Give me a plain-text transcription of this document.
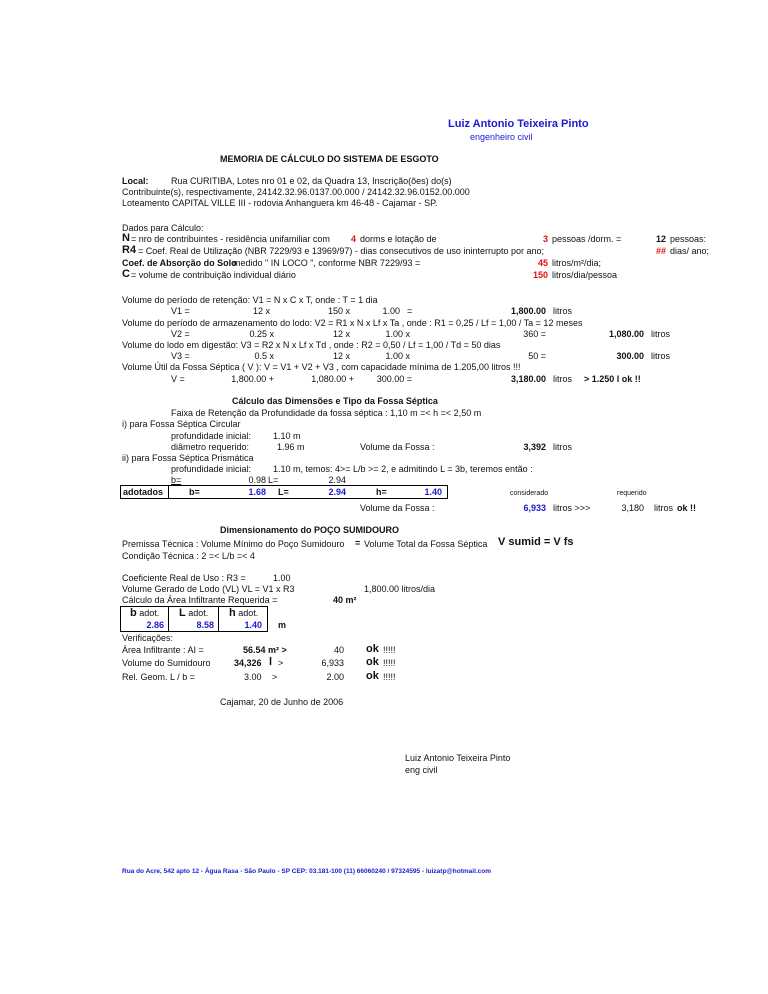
Luiz Antonio Teixeira Pinto
engenheiro civil
MEMORIA DE CÁLCULO DO SISTEMA DE ESGOTO
Local: Rua CURITIBA, Lotes nro 01 e 02, da Quadra 13, Inscrição(ões) do(s)
Contribuinte(s), respectivamente, 24142.32.96.0137.00.000 / 24142.32.96.0152.00.000
Loteamento CAPITAL VILLE III - rodovia Anhanguera km 46-48 - Cajamar - SP.
Dados para Cálculo:
N = nro de contribuintes - residência unifamiliar com	4 dorms e lotação de	3 pessoas /dorm. =	12 pessoas:
R4 = Coef. Real de Utilização (NBR 7229/93 e 13969/97) - dias consecutivos de uso ininterrupto por ano;	## dias/ ano;
Coef. de Absorção do Solo
medido " IN LOCO ", conforme NBR 7229/93 =	45 litros/m²/dia;
C = volume de contribuição individual diário	150 litros/dia/pessoa
Volume do período de retenção: V1 = N x C x T, onde : T = 1 dia
V1 =	12 x	150 x	1.00 =	1,800.00 litros
Volume do período de armazenamento do lodo: V2 = R1 x N x Lf x Ta , onde : R1 = 0,25 / Lf = 1,00 / Ta = 12 meses
V2 =	0.25 x	12 x	1.00 x	360 =	1,080.00 litros
Volume do lodo em digestão: V3 = R2 x N x Lf x Td , onde : R2 = 0,50 / Lf = 1,00 / Td = 50 dias
V3 =	0.5 x	12 x	1.00 x	50 =	300.00 litros
Volume Útil da Fossa Séptica ( V ): V = V1 + V2 + V3 , com capacidade mínima de 1.205,00 litros !!!
V =	1,800.00 +	1,080.00 +	300.00 =	3,180.00 litros > 1.250 l ok !!
Cálculo das Dimensões e Tipo da Fossa Séptica
Faixa de Retenção da Profundidade da fossa séptica : 1,10 m =< h =< 2,50 m
i) para Fossa Séptica Circular
profundidade inicial: 1.10 m
diâmetro requerido:	1.96 m	Volume da Fossa :	3,392 litros
ii) para Fossa Séptica Prismática
profundidade inicial: 1.10 m, temos: 4>= L/b >= 2, e admitindo L = 3b, teremos então :
b=	0.98 L=	2.94
adotados	b=	1.68 L=	2.94	h=	1.40	considerado	requerido
Volume da Fossa :	6,933 litros >>>	3,180 litros ok !!
Dimensionamento do POÇO SUMIDOURO
Premissa Técnica : Volume Mínimo do Poço Sumidouro = Volume Total da Fossa Séptica V sumid = V fs
Condição Técnica : 2 =< L/b =< 4
Coeficiente Real de Uso : R3 =	1.00
Volume Gerado de Lodo (VL) VL = V1 x R3	1,800.00 litros/dia
Cálculo da Área Infiltrante Requerida =	40 m²
b adot. L adot. h adot.
2.86	8.58	1.40 m
Verificações:
Área Infiltrante : AI =	56.54 m² >	40 ok !!!!!
Volume do Sumidouro	34,326 l >	6,933 ok !!!!!
Rel. Geom. L / b =	3.00 >	2.00 ok !!!!!
Cajamar, 20 de Junho de 2006
Luiz Antonio Teixeira Pinto
eng civil
Rua do Acre, 542 apto 12 - Água Rasa - São Paulo - SP CEP: 03.181-100 (11) 66060240 / 97324595 - luizatp@hotmail.com
